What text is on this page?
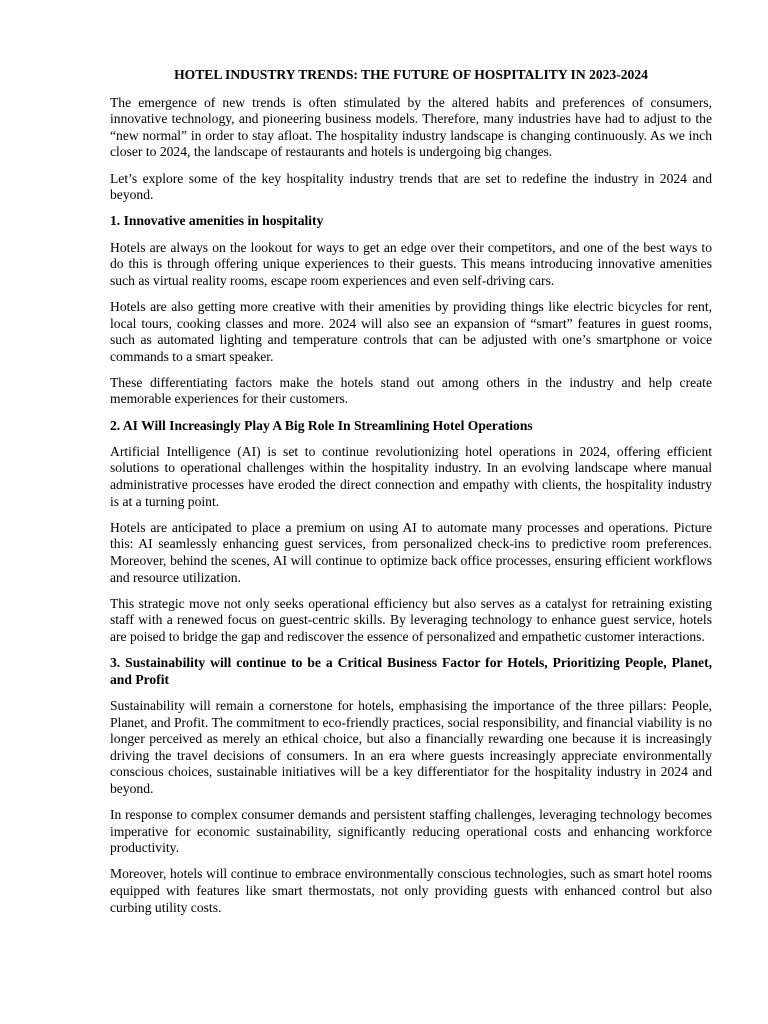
HOTEL INDUSTRY TRENDS: THE FUTURE OF HOSPITALITY IN 2023-2024

The emergence of new trends is often stimulated by the altered habits and preferences of consumers, innovative technology, and pioneering business models. Therefore, many industries have had to adjust to the “new normal” in order to stay afloat. The hospitality industry landscape is changing continuously. As we inch closer to 2024, the landscape of restaurants and hotels is undergoing big changes.

Let’s explore some of the key hospitality industry trends that are set to redefine the industry in 2024 and beyond.

1. Innovative amenities in hospitality

Hotels are always on the lookout for ways to get an edge over their competitors, and one of the best ways to do this is through offering unique experiences to their guests. This means introducing innovative amenities such as virtual reality rooms, escape room experiences and even self-driving cars.

Hotels are also getting more creative with their amenities by providing things like electric bicycles for rent, local tours, cooking classes and more. 2024 will also see an expansion of “smart” features in guest rooms, such as automated lighting and temperature controls that can be adjusted with one’s smartphone or voice commands to a smart speaker.

These differentiating factors make the hotels stand out among others in the industry and help create memorable experiences for their customers.

2. AI Will Increasingly Play A Big Role In Streamlining Hotel Operations

Artificial Intelligence (AI) is set to continue revolutionizing hotel operations in 2024, offering efficient solutions to operational challenges within the hospitality industry. In an evolving landscape where manual administrative processes have eroded the direct connection and empathy with clients, the hospitality industry is at a turning point.

Hotels are anticipated to place a premium on using AI to automate many processes and operations. Picture this: AI seamlessly enhancing guest services, from personalized check-ins to predictive room preferences. Moreover, behind the scenes, AI will continue to optimize back office processes, ensuring efficient workflows and resource utilization.

This strategic move not only seeks operational efficiency but also serves as a catalyst for retraining existing staff with a renewed focus on guest-centric skills. By leveraging technology to enhance guest service, hotels are poised to bridge the gap and rediscover the essence of personalized and empathetic customer interactions.

3. Sustainability will continue to be a Critical Business Factor for Hotels, Prioritizing People, Planet, and Profit

Sustainability will remain a cornerstone for hotels, emphasising the importance of the three pillars: People, Planet, and Profit. The commitment to eco-friendly practices, social responsibility, and financial viability is no longer perceived as merely an ethical choice, but also a financially rewarding one because it is increasingly driving the travel decisions of consumers. In an era where guests increasingly appreciate environmentally conscious choices, sustainable initiatives will be a key differentiator for the hospitality industry in 2024 and beyond.

In response to complex consumer demands and persistent staffing challenges, leveraging technology becomes imperative for economic sustainability, significantly reducing operational costs and enhancing workforce productivity.

Moreover, hotels will continue to embrace environmentally conscious technologies, such as smart hotel rooms equipped with features like smart thermostats, not only providing guests with enhanced control but also curbing utility costs.
